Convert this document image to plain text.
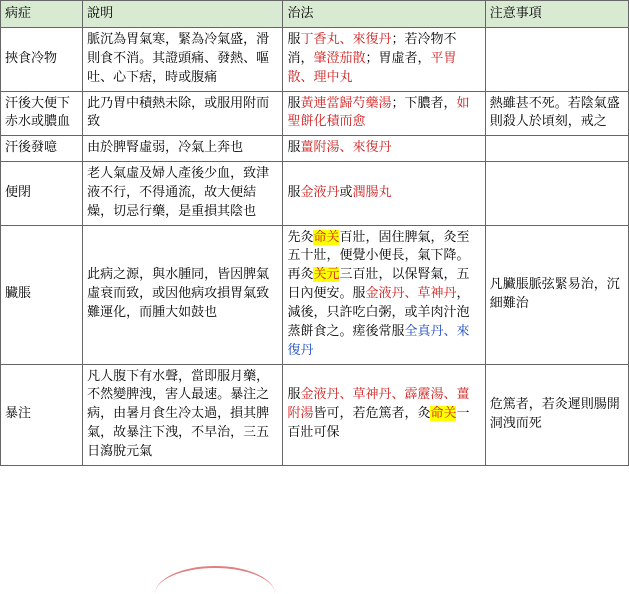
病症	說明	治法	注意事項
挾食冷物	脈沉為胃氣寒，緊為冷氣盛，滑則食不消。其證頭痛、發熱、嘔吐、心下痞，時或腹痛	服丁香丸、來復丹；若冷物不消，肇澄茄散；胃虛者，平胃散、理中丸	
汗後大便下赤水或膿血	此乃胃中積熱未除，或服用附而致	服黃連當歸芍藥湯；下膿者，如聖餅化積而愈	熱雖甚不死。若陰氣盛則殺人於頃刻，戒之
汗後發噫	由於脾腎虛弱，冷氣上奔也	服薑附湯、來復丹	
便閉	老人氣虛及婦人產後少血，致津液不行，不得通流，故大便結燥，切忌行藥，是重損其陰也	服金液丹或潤腸丸	
臟脹	此病之源，與水腫同，皆因脾氣虛衰而致，或因他病攻損胃氣致難運化，而腫大如鼓也	先灸命关百壯，固住脾氣，灸至五十壯，便覺小便長，氣下降。再灸关元三百壯，以保腎氣，五日內便安。服金液丹、草神丹，減後，只許吃白粥，或羊肉汁泡蒸餅食之。瘥後常服全真丹、來復丹	凡臟脹脈弦緊易治，沉細難治
暴注	凡人腹下有水聲，當即服月藥，不然變脾洩，害人最速。暴注之病，由暑月食生冷太過，損其脾氣，故暴注下洩，不早治，三五日瀉脫元氣	服金液丹、草神丹、霹靂湯、薑附湯皆可，若危篤者，灸命关一百壯可保	危篤者，若灸遲則腸開洞洩而死
